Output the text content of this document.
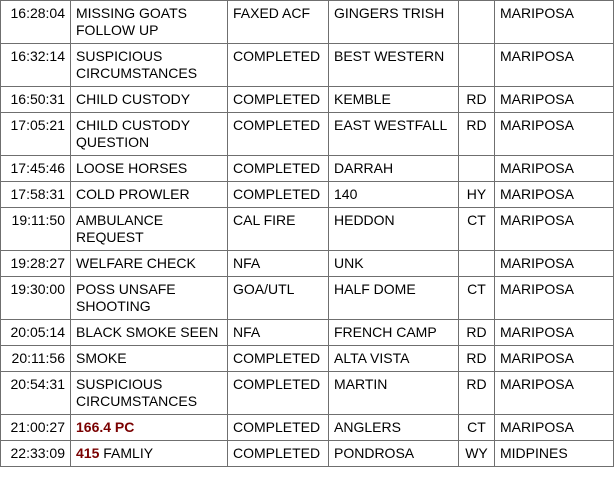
16:28:04	MISSING GOATS FOLLOW UP	FAXED ACF	GINGERS TRISH		MARIPOSA
16:32:14	SUSPICIOUS CIRCUMSTANCES	COMPLETED	BEST WESTERN		MARIPOSA
16:50:31	CHILD CUSTODY	COMPLETED	KEMBLE	RD	MARIPOSA
17:05:21	CHILD CUSTODY QUESTION	COMPLETED	EAST WESTFALL	RD	MARIPOSA
17:45:46	LOOSE HORSES	COMPLETED	DARRAH		MARIPOSA
17:58:31	COLD PROWLER	COMPLETED	140	HY	MARIPOSA
19:11:50	AMBULANCE REQUEST	CAL FIRE	HEDDON	CT	MARIPOSA
19:28:27	WELFARE CHECK	NFA	UNK		MARIPOSA
19:30:00	POSS UNSAFE SHOOTING	GOA/UTL	HALF DOME	CT	MARIPOSA
20:05:14	BLACK SMOKE SEEN	NFA	FRENCH CAMP	RD	MARIPOSA
20:11:56	SMOKE	COMPLETED	ALTA VISTA	RD	MARIPOSA
20:54:31	SUSPICIOUS CIRCUMSTANCES	COMPLETED	MARTIN	RD	MARIPOSA
21:00:27	166.4 PC	COMPLETED	ANGLERS	CT	MARIPOSA
22:33:09	415 FAMLIY	COMPLETED	PONDROSA	WY	MIDPINES
